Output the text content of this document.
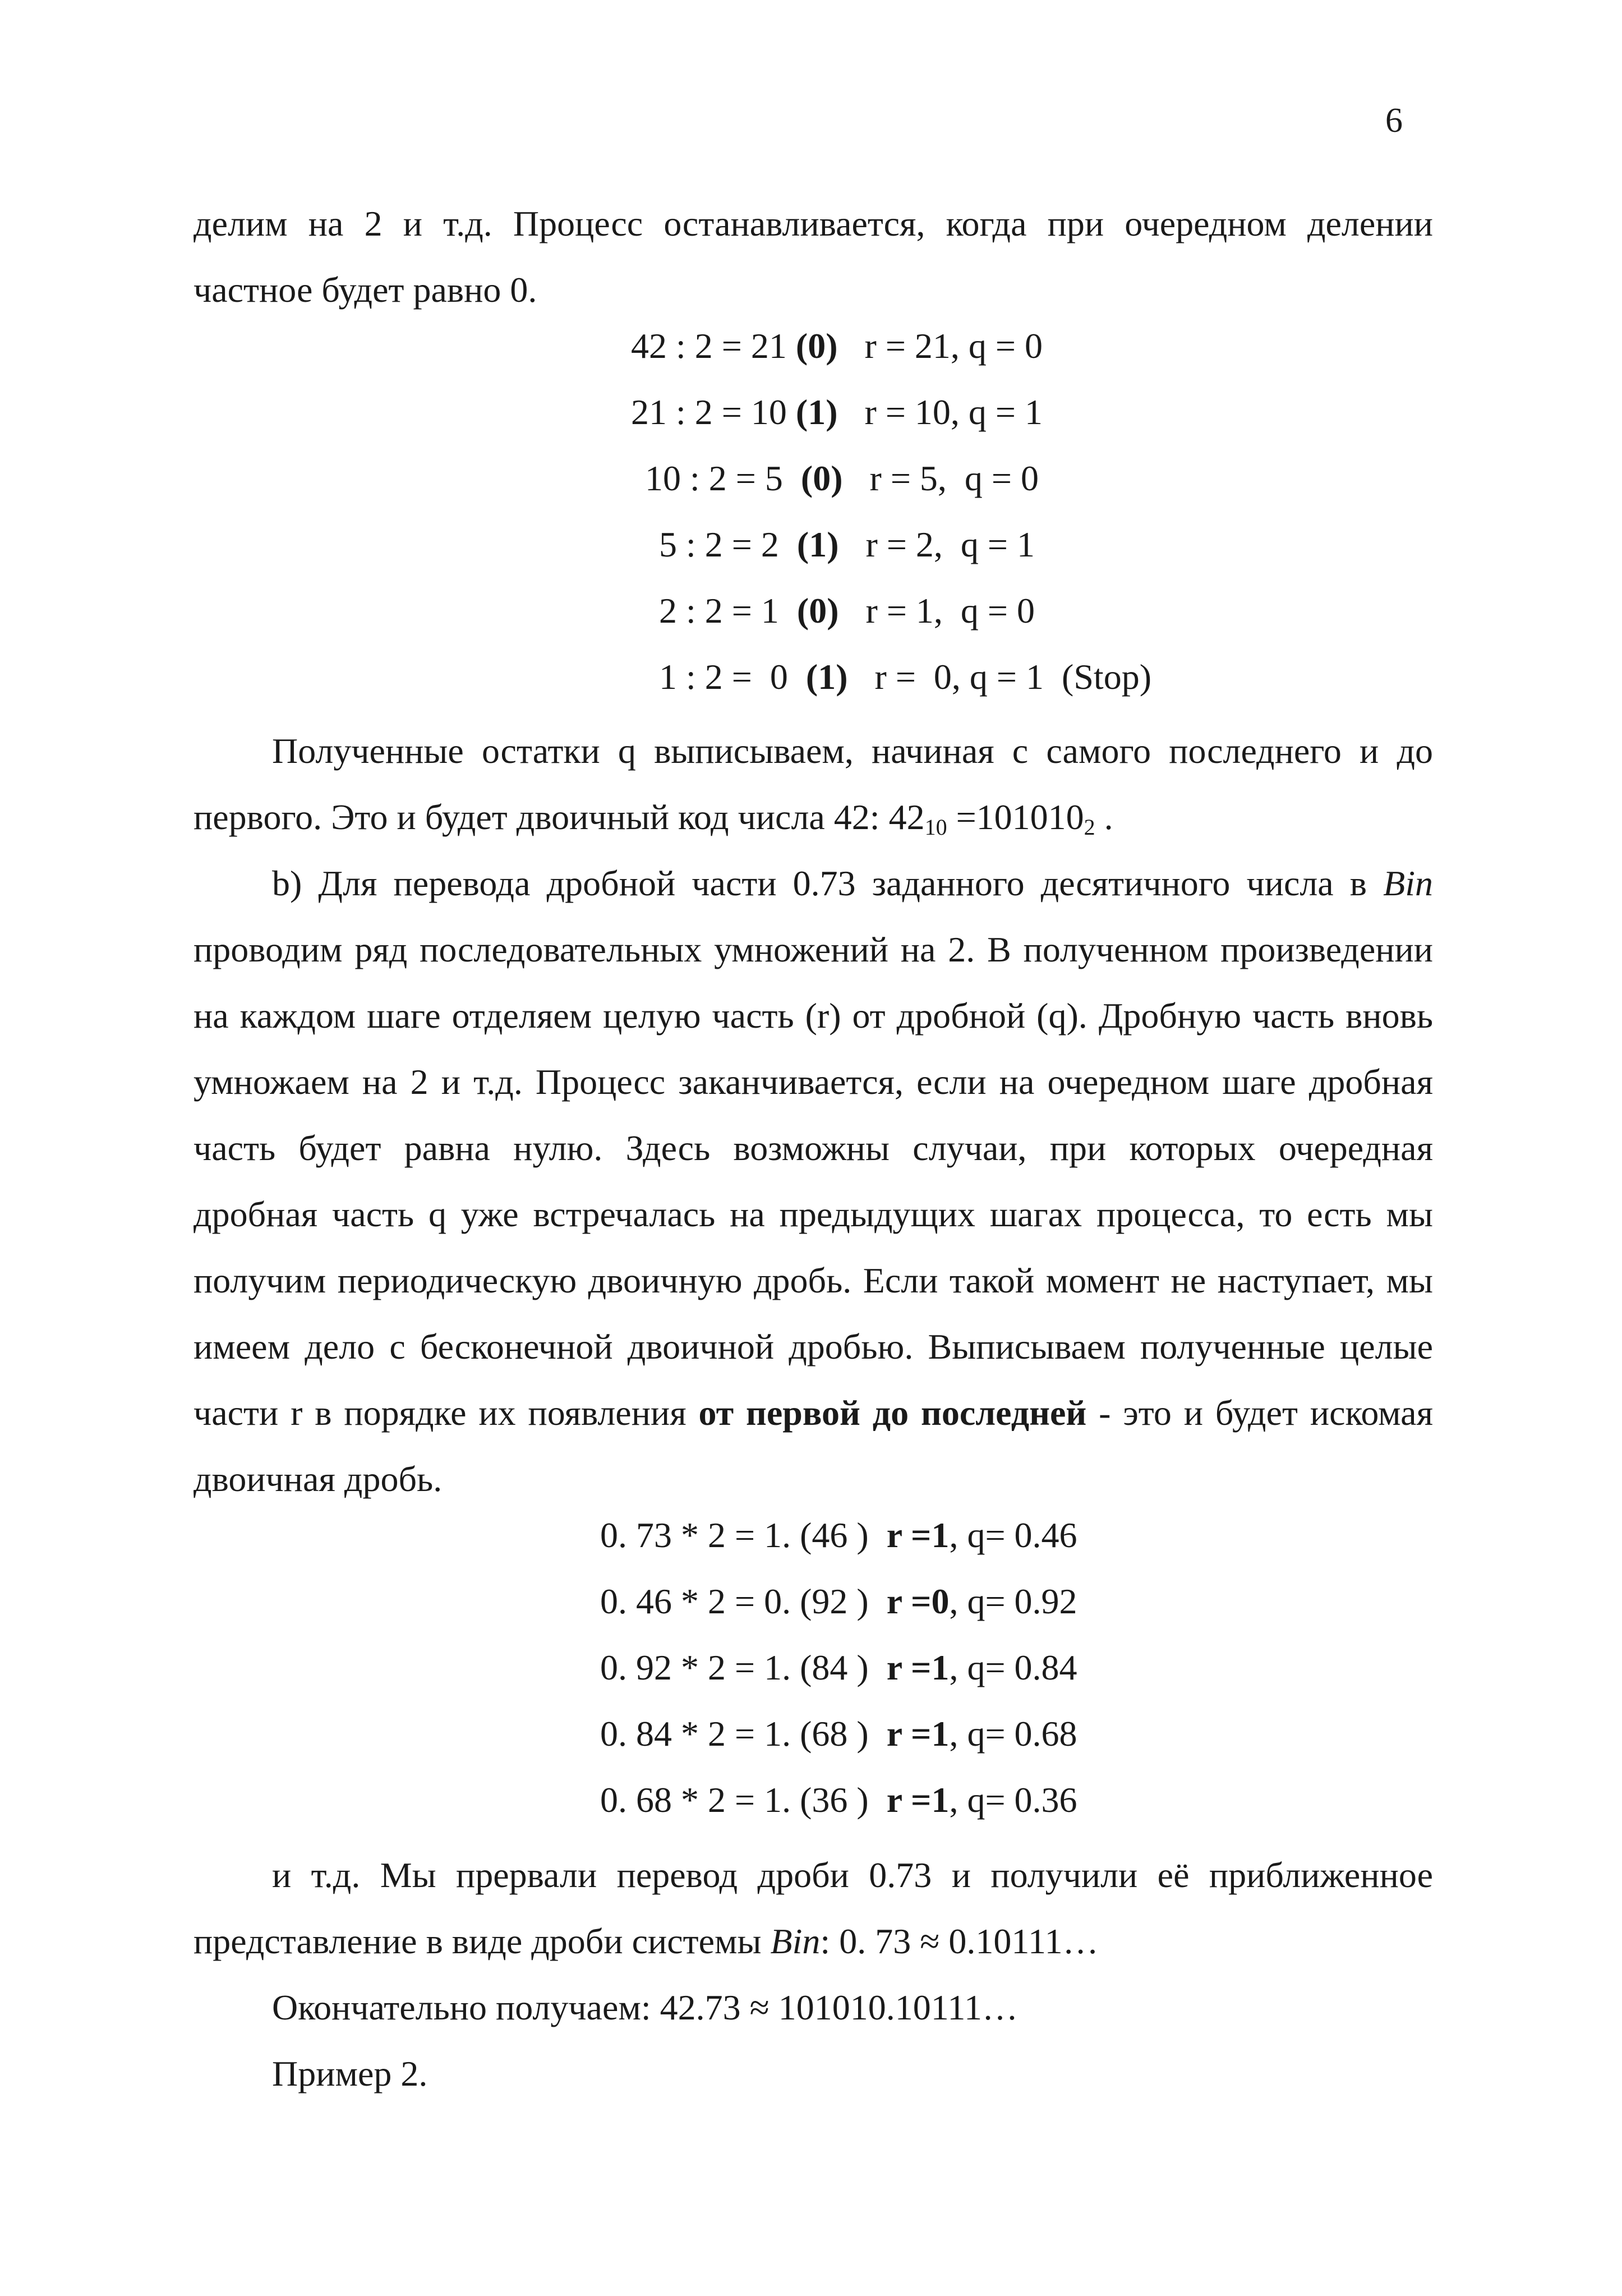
6

делим на 2 и т.д. Процесс останавливается, когда при очередном делении частное будет равно 0.

42 : 2 = 21 (0) r = 21, q = 0
21 : 2 = 10 (1) r = 10, q = 1
10 : 2 = 5 (0) r = 5,  q = 0
5 : 2 = 2 (1) r = 2,  q = 1
2 : 2 = 1 (0) r = 1,  q = 0
1 : 2 =  0 (1) r =  0, q = 1  (Stop)

Полученные остатки q выписываем, начиная с самого последнего и до первого. Это и будет двоичный код числа 42: $42_{10} =101010_2$ .

b) Для перевода дробной части 0.73 заданного десятичного числа в Bin проводим ряд последовательных умножений на 2. В полученном произведении на каждом шаге отделяем целую часть (r) от дробной (q). Дробную часть вновь умножаем на 2 и т.д. Процесс заканчивается, если на очередном шаге дробная часть будет равна нулю. Здесь возможны случаи, при которых очередная дробная часть q уже встречалась на предыдущих шагах процесса, то есть мы получим периодическую двоичную дробь. Если такой момент не наступает, мы имеем дело с бесконечной двоичной дробью. Выписываем полученные целые части r в порядке их появления от первой до последней - это и будет искомая двоичная дробь.

0. 73 * 2 = 1. (46 ) r =1, q= 0.46
0. 46 * 2 = 0. (92 ) r =0, q= 0.92
0. 92 * 2 = 1. (84 ) r =1, q= 0.84
0. 84 * 2 = 1. (68 ) r =1, q= 0.68
0. 68 * 2 = 1. (36 ) r =1, q= 0.36

и т.д. Мы прервали перевод дроби 0.73 и получили её приближенное представление в виде дроби системы Bin: 0. 73 ≈ 0.10111…

Окончательно получаем: 42.73 ≈ 101010.10111…

Пример 2.
